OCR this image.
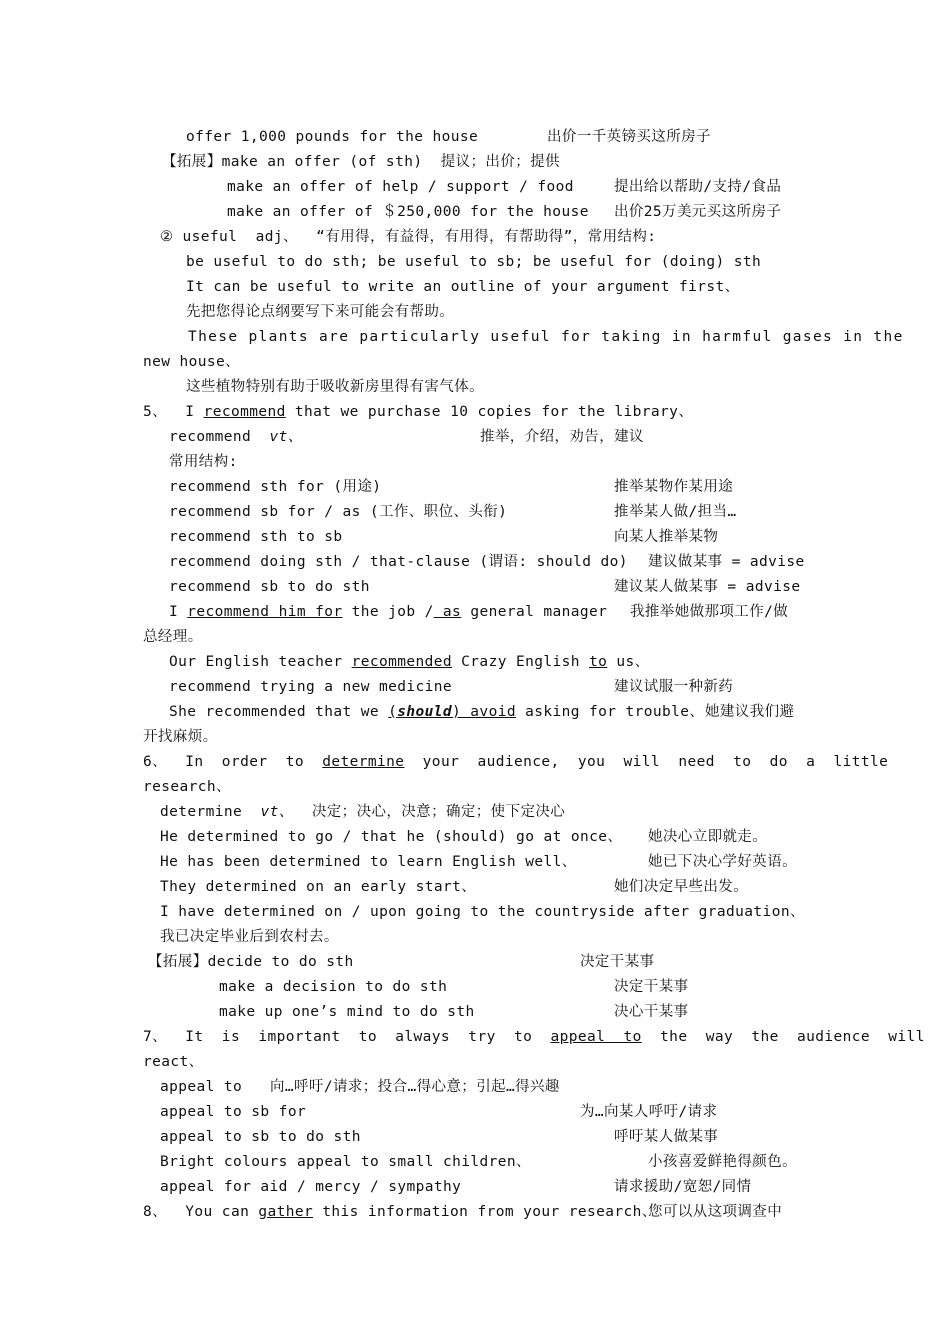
offer 1,000 pounds for the house	出价一千英镑买这所房子
【拓展】make an offer (of sth)  提议；出价；提供
make an offer of help / support / food	提出给以帮助/支持/食品
make an offer of ＄250,000 for the house 出价25万美元买这所房子
② useful  adj、  “有用得，有益得，有用得，有帮助得”，常用结构:
be useful to do sth; be useful to sb; be useful for (doing) sth
It can be useful to write an outline of your argument first、
先把您得论点纲要写下来可能会有帮助。
These plants are particularly useful for taking in harmful gases in the
new house、
这些植物特别有助于吸收新房里得有害气体。
5、  I recommend that we purchase 10 copies for the library、
recommend  vt、	推举，介绍，劝告，建议
常用结构:
recommend sth for (用途)	推举某物作某用途
recommend sb for / as (工作、职位、头衔)	推举某人做/担当…
recommend sth to sb	向某人推举某物
recommend doing sth / that-clause (谓语: should do) 建议做某事 = advise
recommend sb to do sth	建议某人做某事 = advise
I recommend him for the job / as general manager 我推举她做那项工作/做
总经理。
Our English teacher recommended Crazy English to us、
recommend trying a new medicine	建议试服一种新药
She recommended that we (should) avoid asking for trouble、 她建议我们避
开找麻烦。
6、  In  order  to  determine  your  audience,  you  will  need  to  do  a  little
research、
determine  vt、  决定；决心，决意；确定；使下定决心
He determined to go / that he (should) go at once、 她决心立即就走。
He has been determined to learn English well、	她已下决心学好英语。
They determined on an early start、	她们决定早些出发。
I have determined on / upon going to the countryside after graduation、
我已决定毕业后到农村去。
【拓展】decide to do sth	决定干某事
make a decision to do sth	决定干某事
make up one’s mind to do sth	决心干某事
7、  It  is  important  to  always  try  to  appeal  to  the  way  the  audience  will
react、
appeal to 向…呼吁/请求；投合…得心意；引起…得兴趣
appeal to sb for	为…向某人呼吁/请求
appeal to sb to do sth	呼吁某人做某事
Bright colours appeal to small children、	小孩喜爱鲜艳得颜色。
appeal for aid / mercy / sympathy	请求援助/宽恕/同情
8、  You can gather this information from your research、
您可以从这项调查中
